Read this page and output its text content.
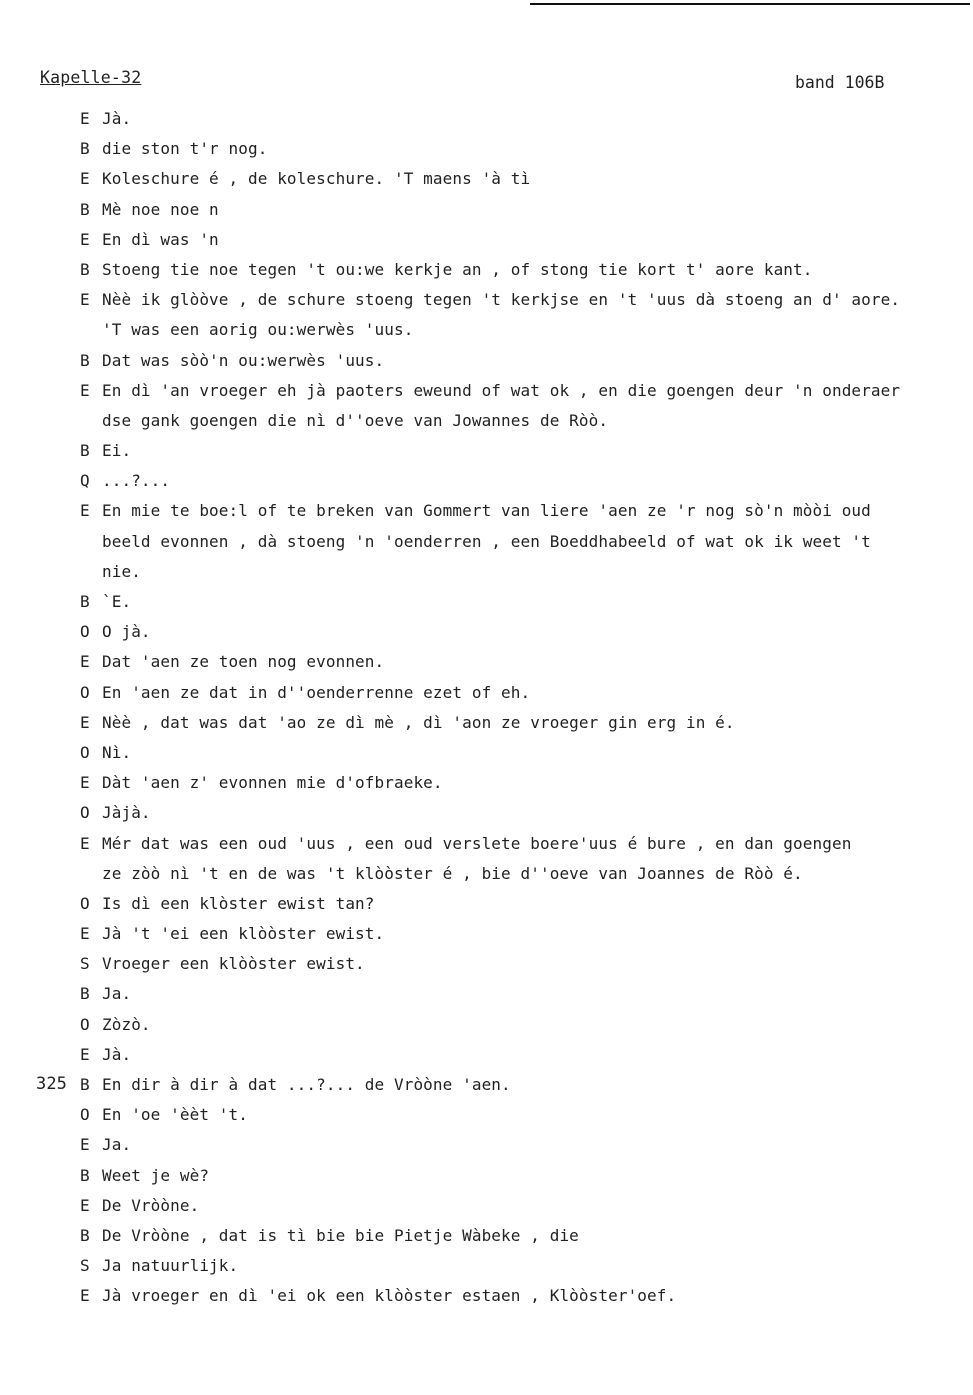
Kapelle-32	band 106B
E Jà.
B die ston t'r nog.
E Koleschure é , de koleschure. 'T maens 'à tì
B Mè noe noe n
E En dì was 'n
B Stoeng tie noe tegen 't ou:we kerkje an , of stong tie kort t' aore kant.
E Nèè ik glòòve , de schure stoeng tegen 't kerkjse en 't 'uus dà stoeng an d' aore.
'T was een aorig ou:werwès 'uus.
B Dat was sòò'n ou:werwès 'uus.
E En dì 'an vroeger eh jà paoters eweund of wat ok , en die goengen deur 'n onderaer
dse gank goengen die nì d''oeve van Jowannes de Ròò.
B Ei.
Q ...?...
E En mie te boe:l of te breken van Gommert van liere 'aen ze 'r nog sò'n mòòi oud
beeld evonnen , dà stoeng 'n 'oenderren , een Boeddhabeeld of wat ok ik weet 't
nie.
B `E.
O O jà.
E Dat 'aen ze toen nog evonnen.
O En 'aen ze dat in d''oenderrenne ezet of eh.
E Nèè , dat was dat 'ao ze dì mè , dì 'aon ze vroeger gin erg in é.
O Nì.
E Dàt 'aen z' evonnen mie d'ofbraeke.
O Jàjà.
E Mér dat was een oud 'uus , een oud verslete boere'uus é bure , en dan goengen
ze zòò nì 't en de was 't klòòster é , bie d''oeve van Joannes de Ròò é.
O Is dì een klòster ewist tan?
E Jà 't 'ei een klòòster ewist.
S Vroeger een klòòster ewist.
B Ja.
O Zòzò.
E Jà.
325 B En dir à dir à dat ...?... de Vròòne 'aen.
O En 'oe 'èèt 't.
E Ja.
B Weet je wè?
E De Vròòne.
B De Vròòne , dat is tì bie bie Pietje Wàbeke , die
S Ja natuurlijk.
E Jà vroeger en dì 'ei ok een klòòster estaen , Klòòster'oef.
